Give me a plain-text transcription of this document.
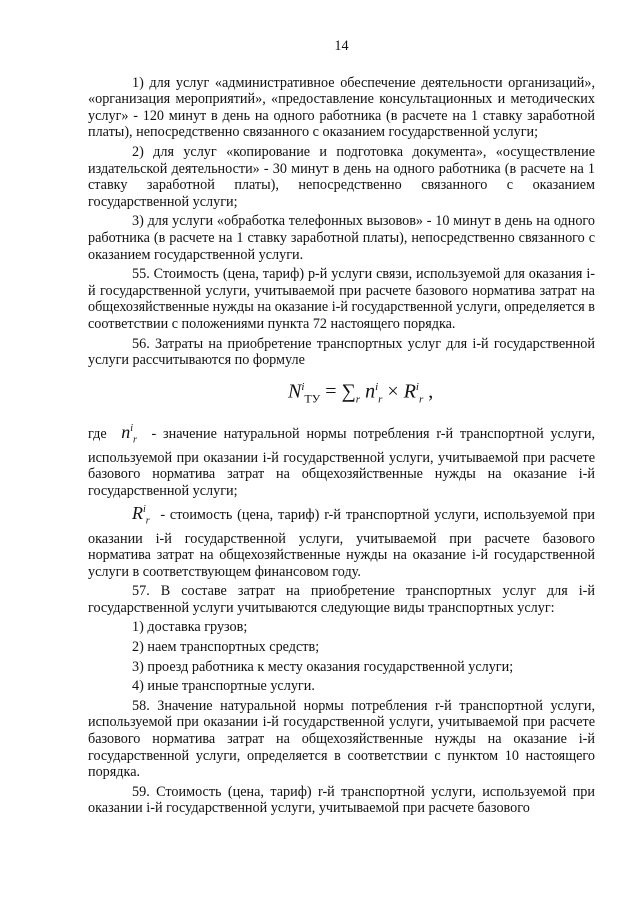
14

1) для услуг «административное обеспечение деятельности организаций», «организация мероприятий», «предоставление консультационных и методических услуг» - 120 минут в день на одного работника (в расчете на 1 ставку заработной платы), непосредственно связанного с оказанием государственной услуги;

2) для услуг «копирование и подготовка документа», «осуществление издательской деятельности» - 30 минут в день на одного работника (в расчете на 1 ставку заработной платы), непосредственно связанного с оказанием государственной услуги;

3) для услуги «обработка телефонных вызовов» - 10 минут в день на одного работника (в расчете на 1 ставку заработной платы), непосредственно связанного с оказанием государственной услуги.

55. Стоимость (цена, тариф) p-й услуги связи, используемой для оказания i-й государственной услуги, учитываемой при расчете базового норматива затрат на общехозяйственные нужды на оказание i-й государственной услуги, определяется в соответствии с положениями пункта 72 настоящего порядка.

56. Затраты на приобретение транспортных услуг для i-й государственной услуги рассчитываются по формуле

$N^i_{ТУ} = \sum_r$ $n^i_r \times R^i_r$ ,

где  $n^i_r$ - значение натуральной нормы потребления r-й транспортной услуги, используемой при оказании i-й государственной услуги, учитываемой при расчете базового норматива затрат на общехозяйственные нужды на оказание i-й государственной услуги;

$R^i_r$ - стоимость (цена, тариф) r-й транспортной услуги, используемой при оказании i-й государственной услуги, учитываемой при расчете базового норматива затрат на общехозяйственные нужды на оказание i-й государственной услуги в соответствующем финансовом году.

57. В составе затрат на приобретение транспортных услуг для i-й государственной услуги учитываются следующие виды транспортных услуг:

1) доставка грузов;

2) наем транспортных средств;

3) проезд работника к месту оказания государственной услуги;

4) иные транспортные услуги.

58. Значение натуральной нормы потребления r-й транспортной услуги, используемой при оказании i-й государственной услуги, учитываемой при расчете базового норматива затрат на общехозяйственные нужды на оказание i-й государственной услуги, определяется в соответствии с пунктом 10 настоящего порядка.

59. Стоимость (цена, тариф) r-й транспортной услуги, используемой при оказании i-й государственной услуги, учитываемой при расчете базового
